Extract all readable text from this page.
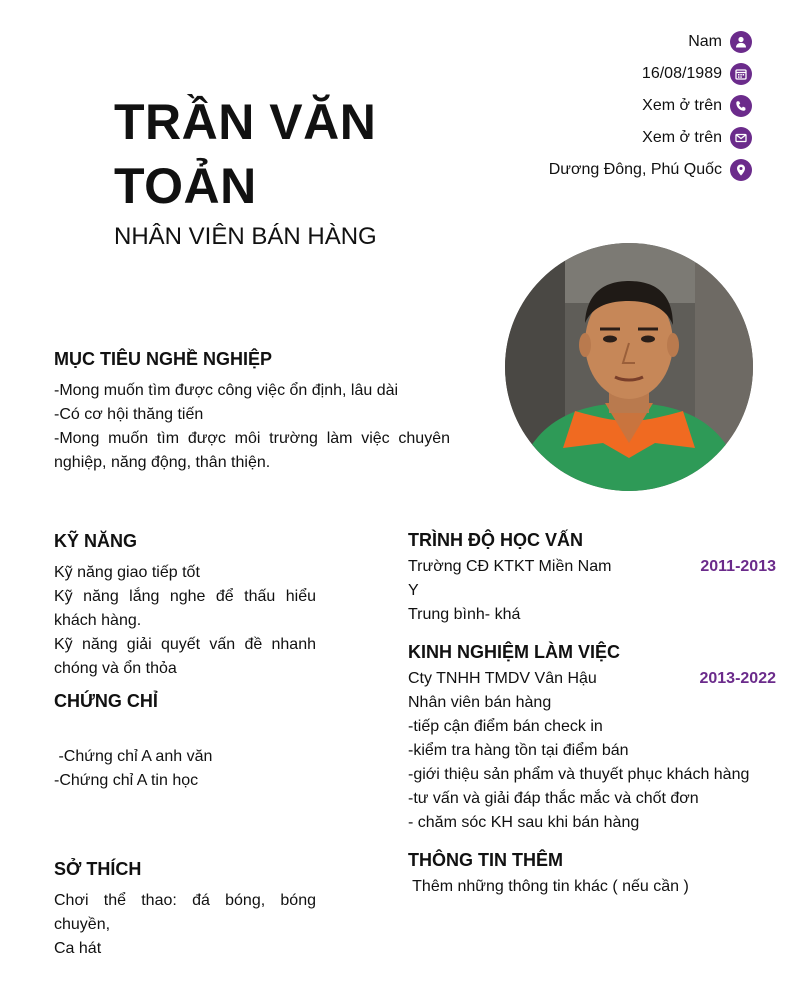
TRẦN VĂN
TOẢN
NHÂN VIÊN BÁN HÀNG
Nam
16/08/1989
Xem ở trên
Xem ở trên
Dương Đông, Phú Quốc
MỤC TIÊU NGHỀ NGHIỆP
-Mong muốn tìm được công việc ổn định, lâu dài
-Có cơ hội thăng tiến
-Mong muốn tìm được môi trường làm việc chuyên nghiệp, năng động, thân thiện.
KỸ NĂNG
Kỹ năng giao tiếp tốt
Kỹ năng lắng nghe để thấu hiểu khách hàng.
Kỹ năng giải quyết vấn đề nhanh chóng và ổn thỏa
CHỨNG CHỈ
-Chứng chỉ A anh văn
-Chứng chỉ A tin học
SỞ THÍCH
Chơi thể thao: đá bóng, bóng chuyền,
Ca hát
TRÌNH ĐỘ HỌC VẤN
Trường CĐ KTKT Miền Nam	2011-2013
Y
Trung bình- khá
KINH NGHIỆM LÀM VIỆC
Cty TNHH TMDV Vân Hậu	2013-2022
Nhân viên bán hàng
-tiếp cận điểm bán check in
-kiểm tra hàng tồn tại điểm bán
-giới thiệu sản phẩm và thuyết phục khách hàng
-tư vấn và giải đáp thắc mắc và chốt đơn
- chăm sóc KH sau khi bán hàng
THÔNG TIN THÊM
Thêm những thông tin khác ( nếu cần )
